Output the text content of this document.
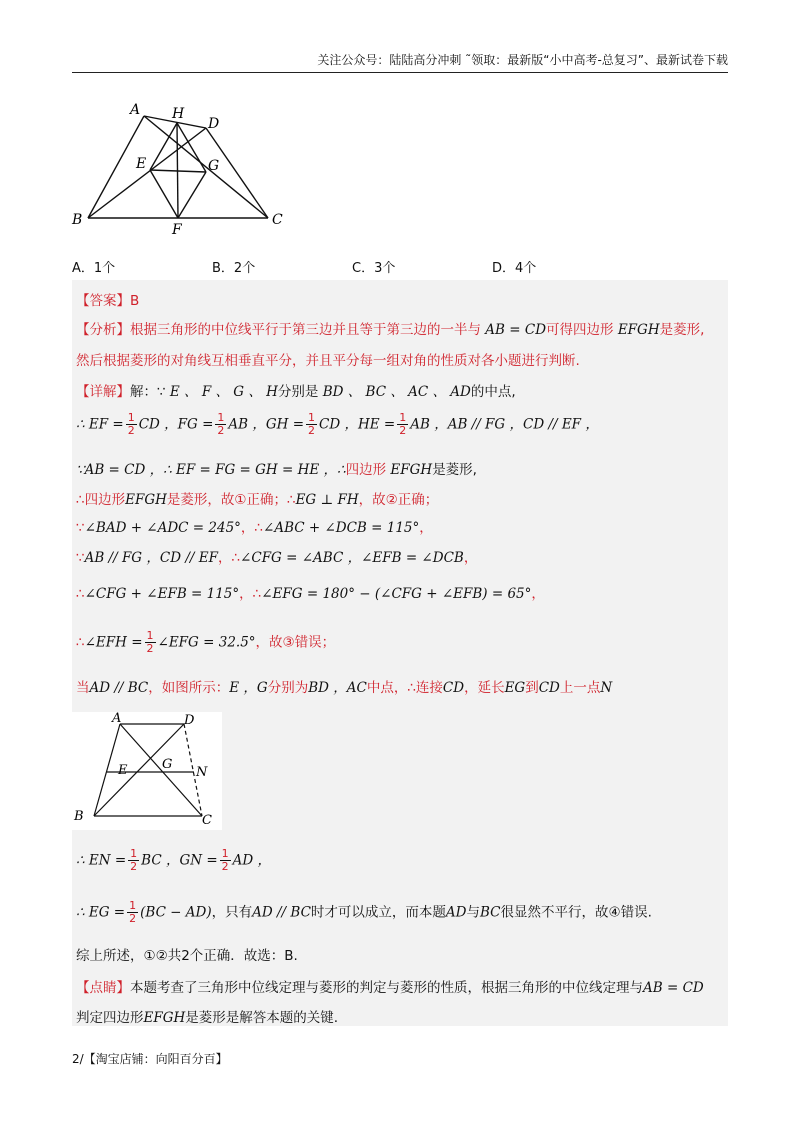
关注公众号：陆陆高分冲刺 ˜领取：最新版“小中高考-总复习”、最新试卷下载
A H
D
E	G
B
F
C
A．1个	B．2个	C．3个	D．4个
【答案】B
【分析】根据三角形的中位线平行于第三边并且等于第三边的一半与 AB = CD可得四边形 EFGH是菱形,
然后根据菱形的对角线互相垂直平分，并且平分每一组对角的性质对各小题进行判断.
【详解】解：∵ E 、 F 、 G 、 H分别是 BD 、 BC 、 AC 、 AD的中点,
∴ EF = $\frac{1}{2}$ CD ，FG = $\frac{1}{2}$ AB ，GH = $\frac{1}{2}$ CD ，HE = $\frac{1}{2}$ AB ，AB // FG ，CD // EF ，
∵AB = CD ，∴ EF = FG = GH = HE ，∴四边形 EFGH是菱形,
∴四边形EFGH是菱形，故①正确；∴EG ⊥ FH，故②正确；
∵∠BAD + ∠ADC = 245°，∴∠ABC + ∠DCB = 115°，
∵AB // FG ，CD // EF，∴∠CFG = ∠ABC ，∠EFB = ∠DCB，
∴∠CFG + ∠EFB = 115°，∴∠EFG = 180° − (∠CFG + ∠EFB) = 65°，
∴∠EFH = $\frac{1}{2}$ ∠EFG = 32.5°，故③错误；
当AD // BC，如图所示：E ，G分别为BD ，AC中点，∴连接CD，延长EG到CD上一点N
A	D
E	G
N
B	C
∴ EN = $\frac{1}{2}$ BC ，GN = $\frac{1}{2}$ AD ，
∴ EG = $\frac{1}{2} (BC - AD)$，只有AD // BC时才可以成立，而本题AD与BC很显然不平行，故④错误.
综上所述，①②共2个正确．故选：B.
【点睛】本题考查了三角形中位线定理与菱形的判定与菱形的性质，根据三角形的中位线定理与AB = CD
判定四边形EFGH是菱形是解答本题的关键.
2/【淘宝店铺：向阳百分百】
